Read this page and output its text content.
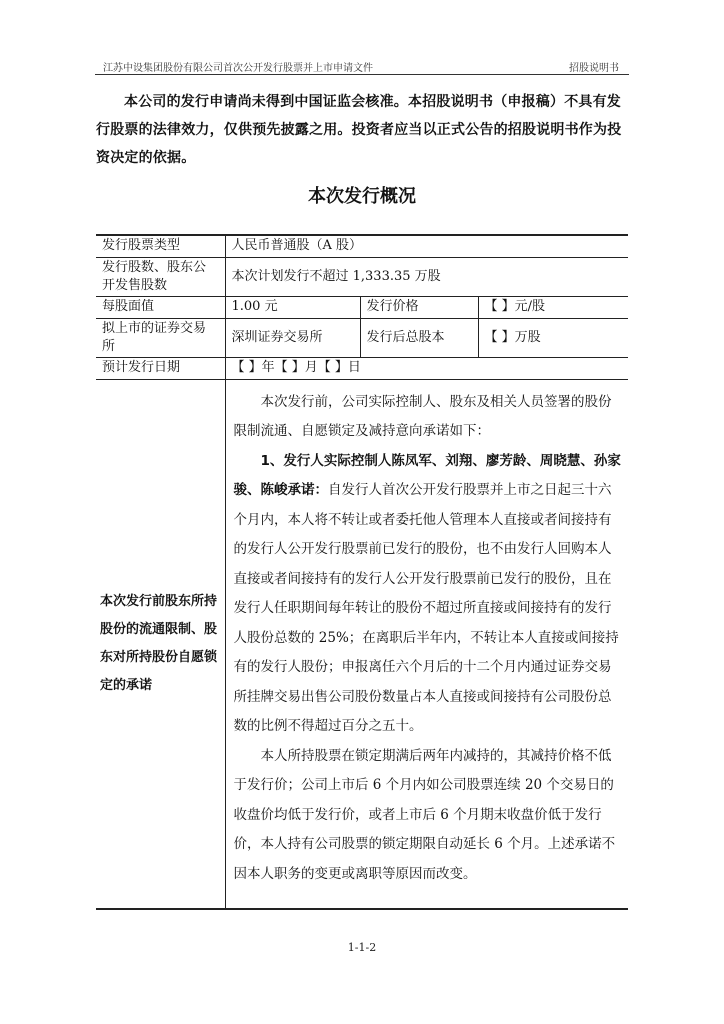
江苏中设集团股份有限公司首次公开发行股票并上市申请文件	招股说明书
本公司的发行申请尚未得到中国证监会核准。本招股说明书（申报稿）不具有发行股票的法律效力，仅供预先披露之用。投资者应当以正式公告的招股说明书作为投资决定的依据。
本次发行概况
发行股票类型	人民币普通股（A 股）		
发行股数、股东公开发售股数	本次计划发行不超过 1,333.35 万股		
每股面值	1.00 元	发行价格	【 】元/股
拟上市的证券交易所	深圳证券交易所	发行后总股本	【 】万股
预计发行日期	【 】年【 】月【 】日		
本次发行前股东所持股份的流通限制、股东对所持股份自愿锁定的承诺	本次发行前，公司实际控制人、股东及相关人员签署的股份限制流通、自愿锁定及减持意向承诺如下：

1、发行人实际控制人陈凤军、刘翔、廖芳龄、周晓慧、孙家骏、陈峻承诺：自发行人首次公开发行股票并上市之日起三十六个月内，本人将不转让或者委托他人管理本人直接或者间接持有的发行人公开发行股票前已发行的股份，也不由发行人回购本人直接或者间接持有的发行人公开发行股票前已发行的股份，且在发行人任职期间每年转让的股份不超过所直接或间接持有的发行人股份总数的 25%；在离职后半年内，不转让本人直接或间接持有的发行人股份；申报离任六个月后的十二个月内通过证券交易所挂牌交易出售公司股份数量占本人直接或间接持有公司股份总数的比例不得超过百分之五十。

本人所持股票在锁定期满后两年内减持的，其减持价格不低于发行价；公司上市后 6 个月内如公司股票连续 20 个交易日的收盘价均低于发行价，或者上市后 6 个月期末收盘价低于发行价，本人持有公司股票的锁定期限自动延长 6 个月。上述承诺不因本人职务的变更或离职等原因而改变。		

1-1-2
